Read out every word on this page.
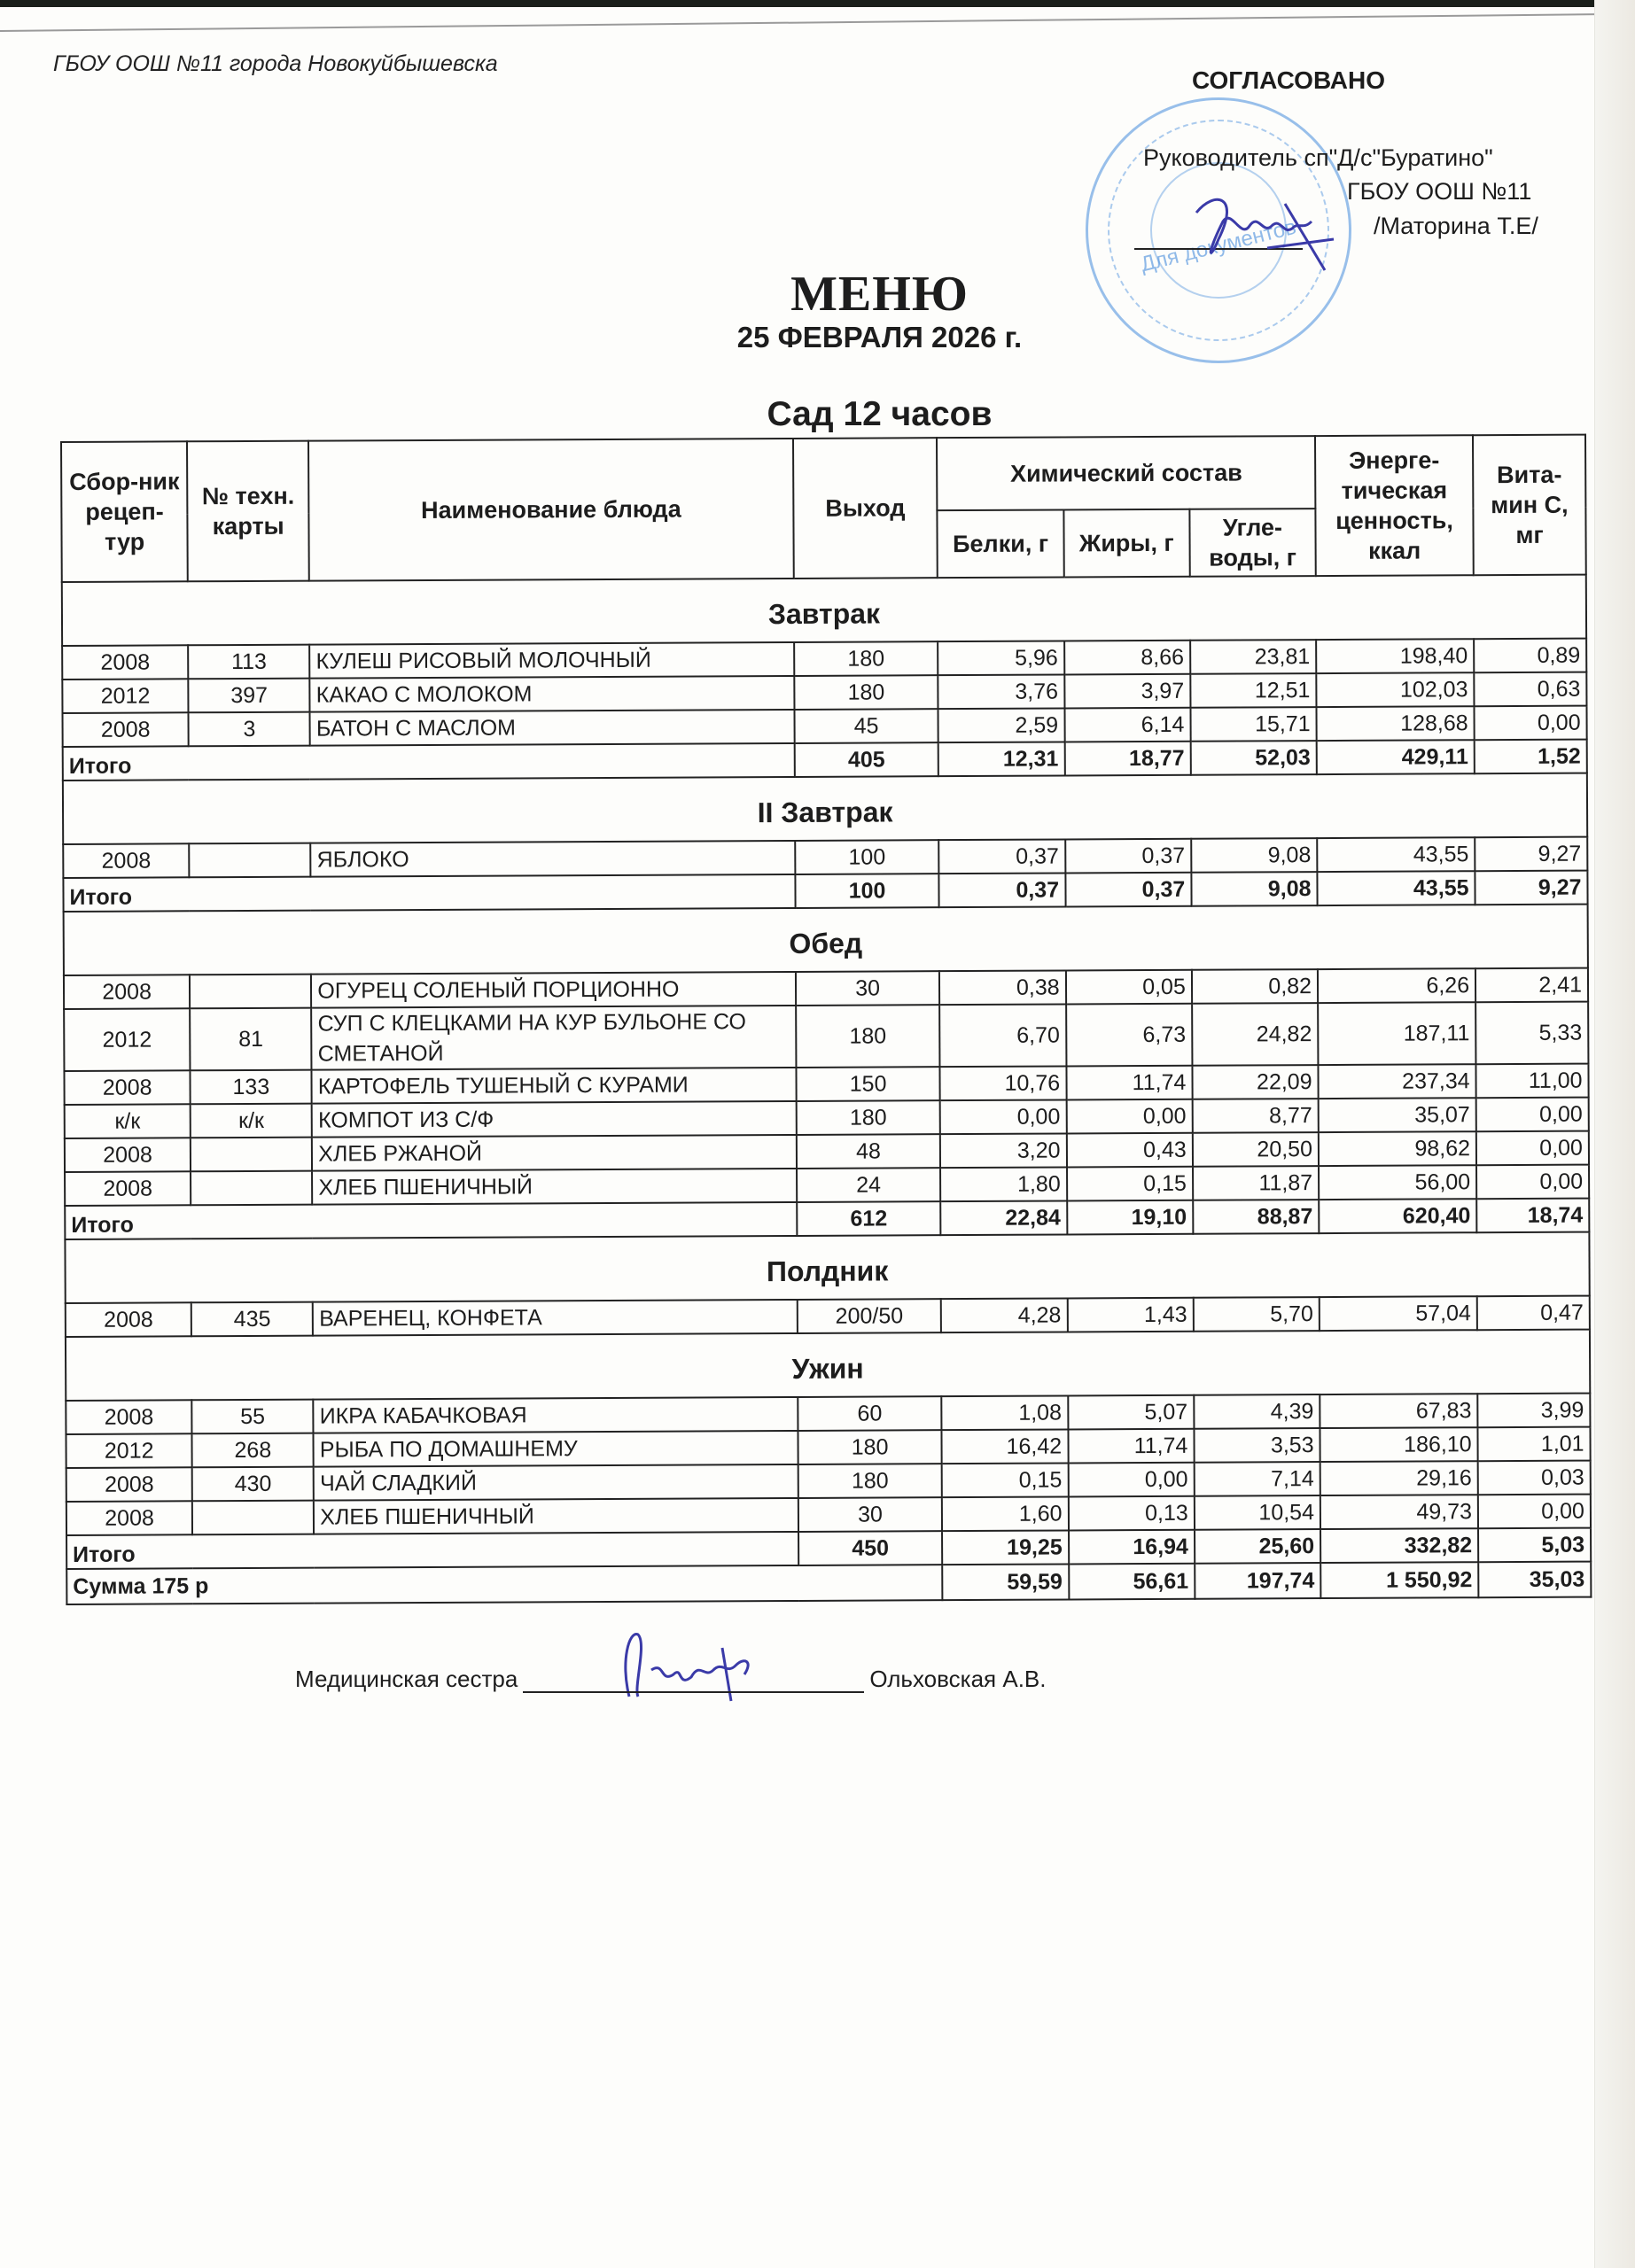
ГБОУ ООШ №11 города Новокуйбышевска
Для документов
СОГЛАСОВАНО
Руководитель сп"Д/с"Буратино"
ГБОУ ООШ №11
/Маторина Т.Е/
МЕНЮ
25 ФЕВРАЛЯ 2026 г.
Сад 12 часов
Сбор-ник рецеп-тур	№ техн. карты	Наименование блюда	Выход	Химический состав			Энерге-тическая ценность, ккал	Вита-мин С, мг
				Белки, г	Жиры, г	Угле-воды, г		
Завтрак								
2008	113	КУЛЕШ РИСОВЫЙ МОЛОЧНЫЙ	180	5,96	8,66	23,81	198,40	0,89
2012	397	КАКАО С МОЛОКОМ	180	3,76	3,97	12,51	102,03	0,63
2008	3	БАТОН С МАСЛОМ	45	2,59	6,14	15,71	128,68	0,00
Итого			405	12,31	18,77	52,03	429,11	1,52
II Завтрак								
2008		ЯБЛОКО	100	0,37	0,37	9,08	43,55	9,27
Итого			100	0,37	0,37	9,08	43,55	9,27
Обед								
2008		ОГУРЕЦ СОЛЕНЫЙ ПОРЦИОННО	30	0,38	0,05	0,82	6,26	2,41
2012	81	СУП С КЛЕЦКАМИ НА КУР БУЛЬОНЕ СО СМЕТАНОЙ	180	6,70	6,73	24,82	187,11	5,33
2008	133	КАРТОФЕЛЬ ТУШЕНЫЙ С КУРАМИ	150	10,76	11,74	22,09	237,34	11,00
к/к	к/к	КОМПОТ ИЗ С/Ф	180	0,00	0,00	8,77	35,07	0,00
2008		ХЛЕБ РЖАНОЙ	48	3,20	0,43	20,50	98,62	0,00
2008		ХЛЕБ ПШЕНИЧНЫЙ	24	1,80	0,15	11,87	56,00	0,00
Итого			612	22,84	19,10	88,87	620,40	18,74
Полдник								
2008	435	ВАРЕНЕЦ, КОНФЕТА	200/50	4,28	1,43	5,70	57,04	0,47
Ужин								
2008	55	ИКРА КАБАЧКОВАЯ	60	1,08	5,07	4,39	67,83	3,99
2012	268	РЫБА ПО ДОМАШНЕМУ	180	16,42	11,74	3,53	186,10	1,01
2008	430	ЧАЙ СЛАДКИЙ	180	0,15	0,00	7,14	29,16	0,03
2008		ХЛЕБ ПШЕНИЧНЫЙ	30	1,60	0,13	10,54	49,73	0,00
Итого			450	19,25	16,94	25,60	332,82	5,03
Сумма 175 р				59,59	56,61	197,74	1 550,92	35,03
Медицинская сестра	Ольховская А.В.
